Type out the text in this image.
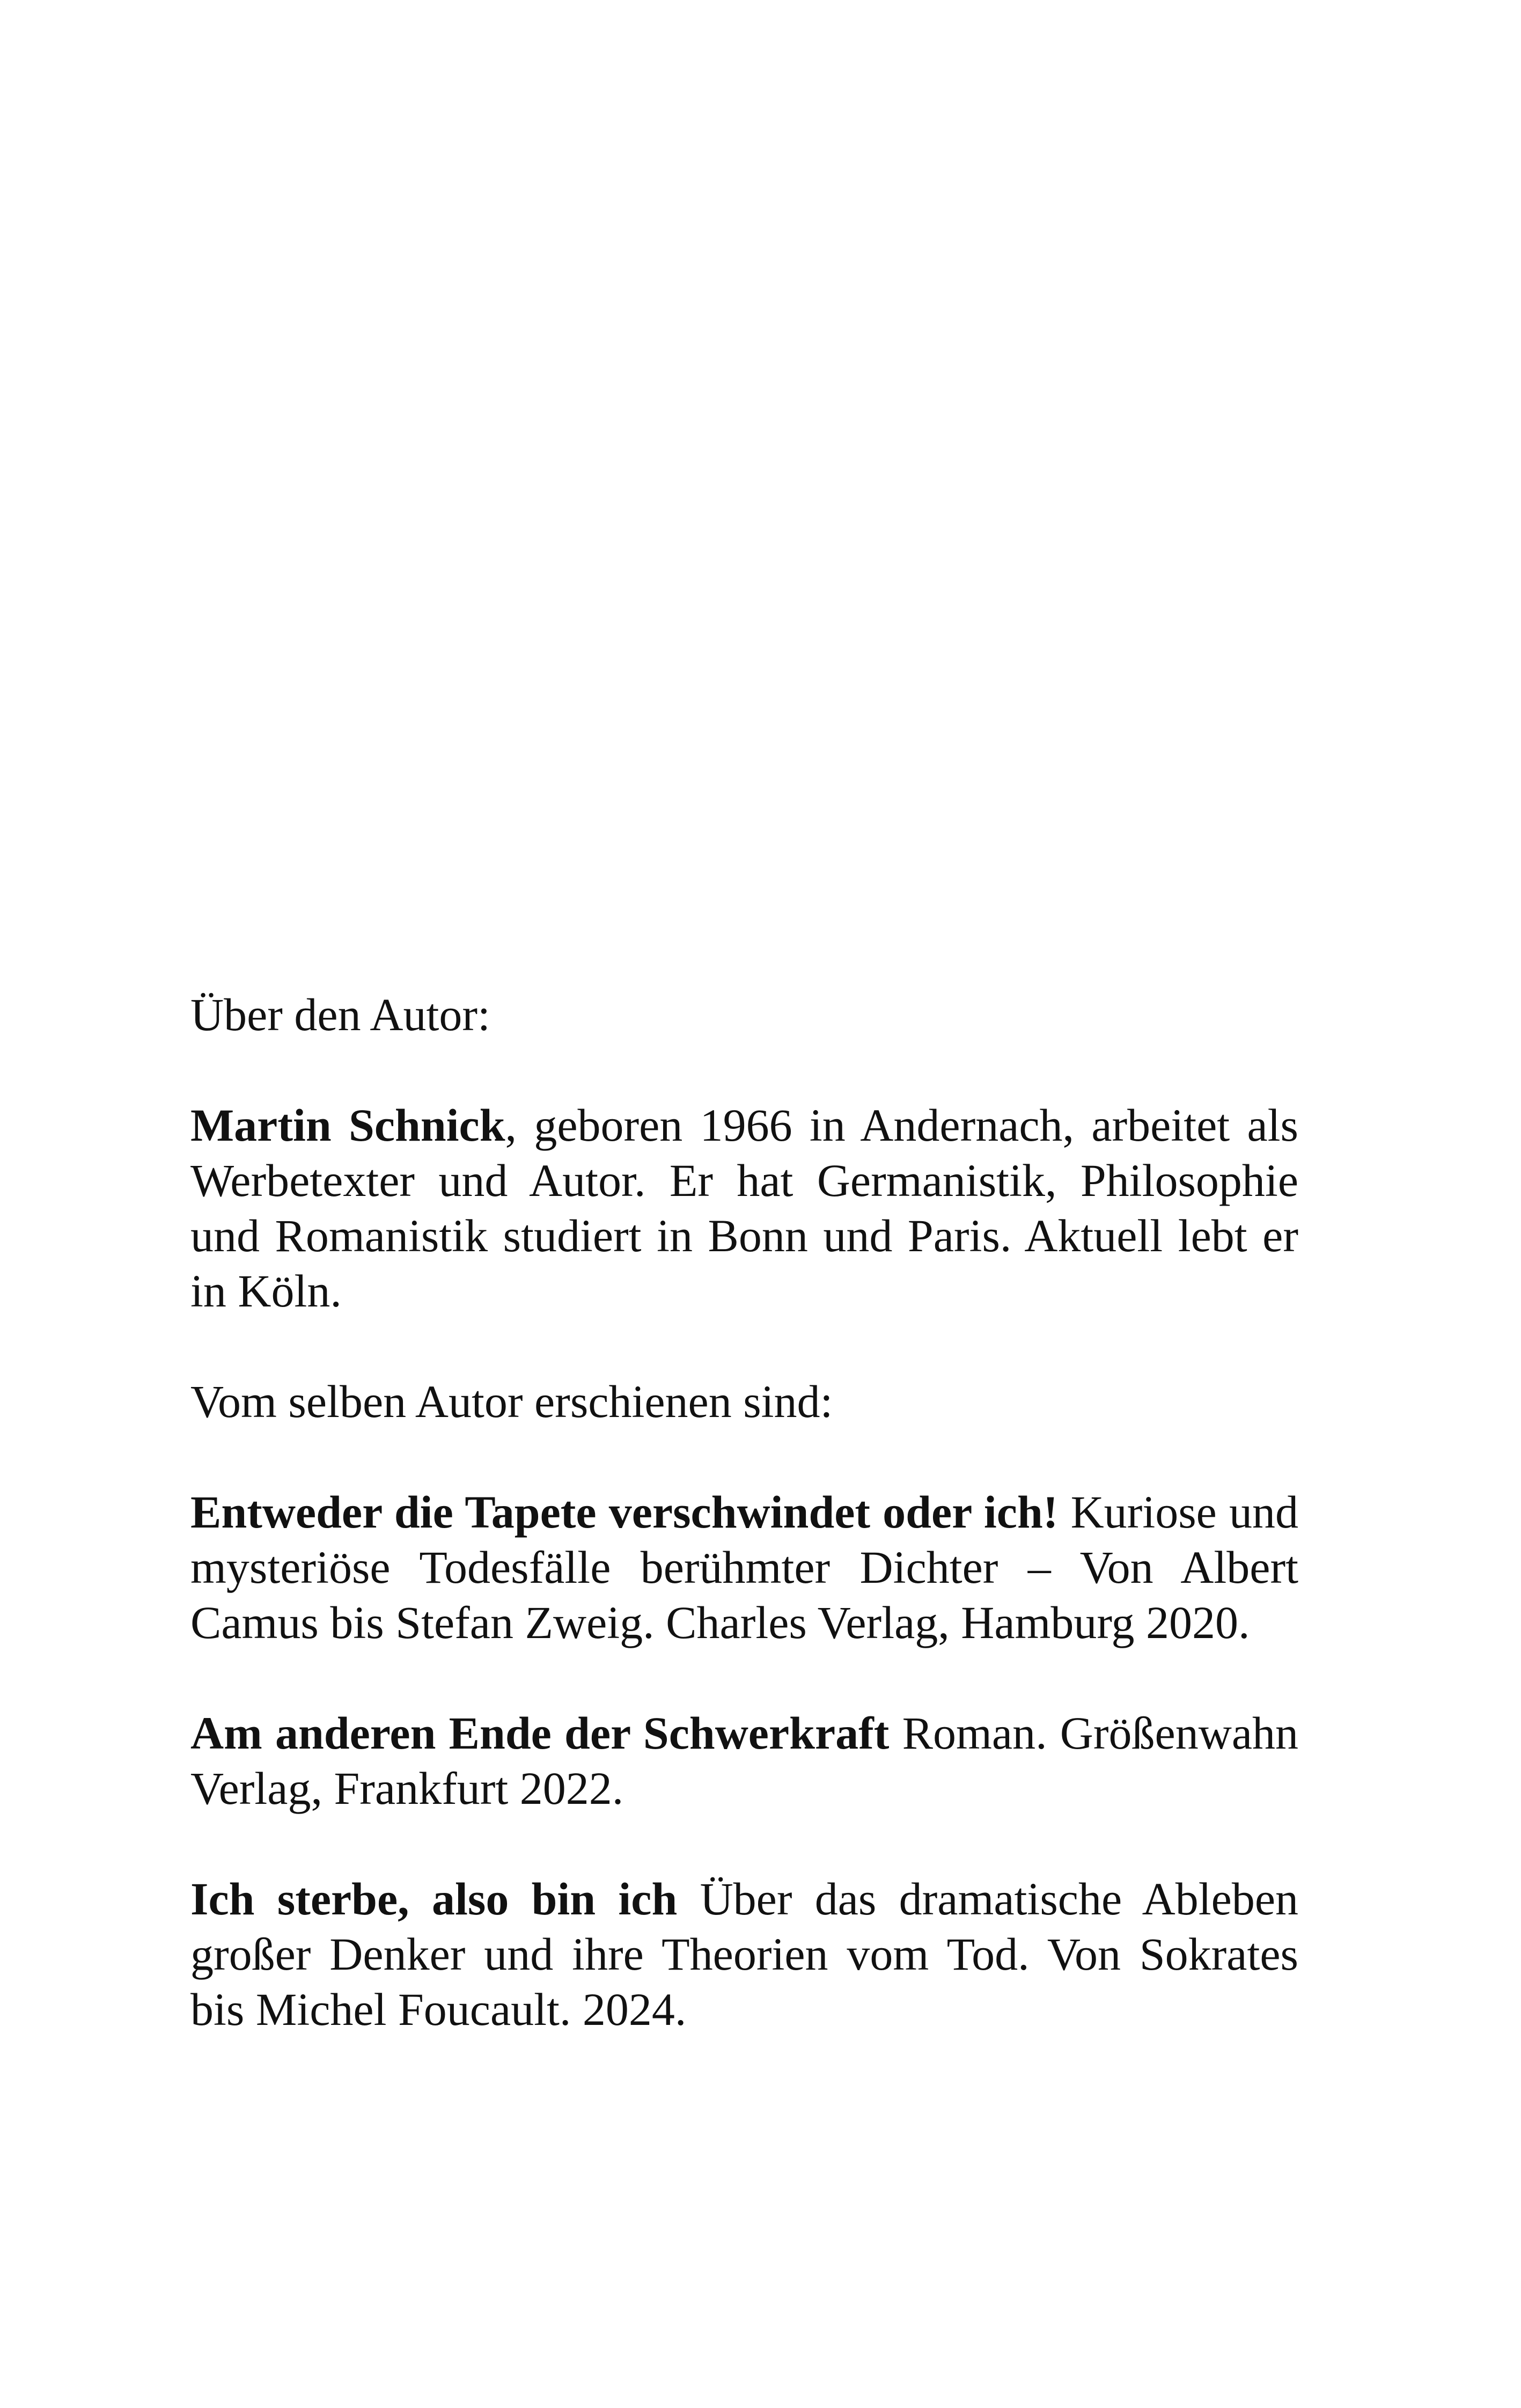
Über den Autor:

Martin Schnick, geboren 1966 in Andernach, arbeitet als Werbetexter und Autor. Er hat Germanistik, Philosophie und Romanistik studiert in Bonn und Paris. Aktuell lebt er in Köln.

Vom selben Autor erschienen sind:

Entweder die Tapete verschwindet oder ich! Kuriose und mysteriöse Todesfälle berühmter Dichter – Von Albert Camus bis Stefan Zweig. Charles Verlag, Hamburg 2020.

Am anderen Ende der Schwerkraft Roman. Größenwahn Verlag, Frankfurt 2022.

Ich sterbe, also bin ich Über das dramatische Ableben großer Denker und ihre Theorien vom Tod. Von Sokrates bis Michel Foucault. 2024.
